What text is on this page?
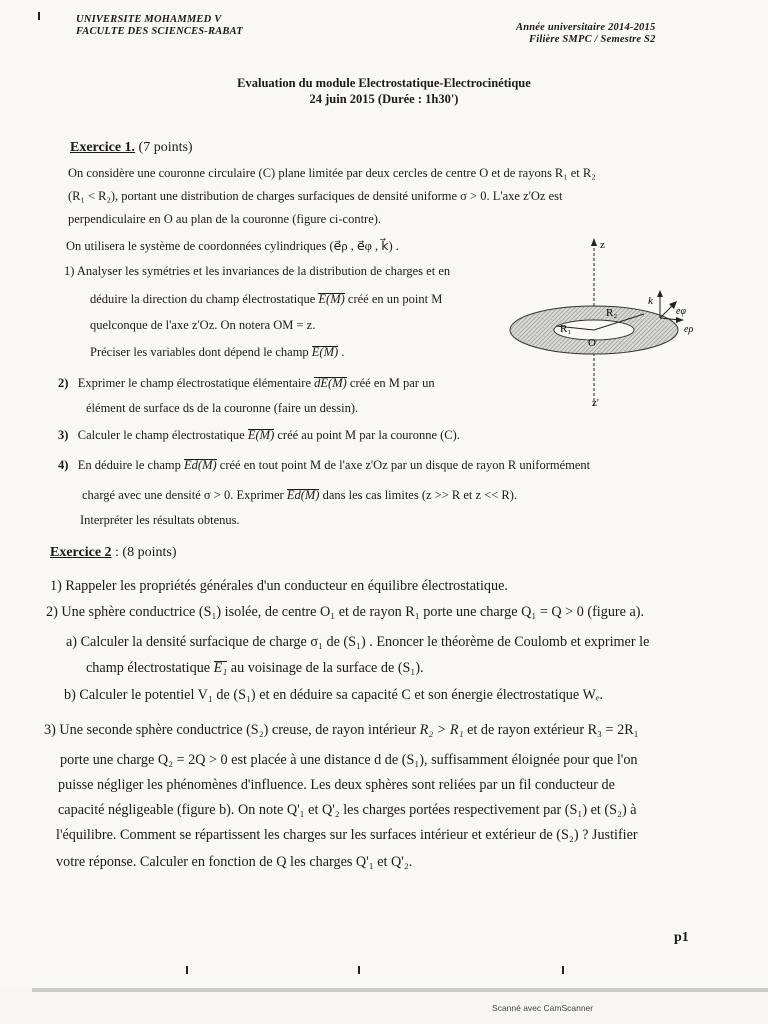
UNIVERSITE MOHAMMED V
FACULTE DES SCIENCES-RABAT	Année universitaire 2014-2015
Filière SMPC / Semestre S2
Evaluation du module Electrostatique-Electrocinétique
24 juin 2015 (Durée : 1h30')
Exercice 1. (7 points)
On considère une couronne circulaire (C) plane limitée par deux cercles de centre O et de rayons R₁ et R₂
(R₁ < R₂), portant une distribution de charges surfaciques de densité uniforme σ > 0. L'axe z'Oz est
perpendiculaire en O au plan de la couronne (figure ci-contre).
On utilisera le système de coordonnées cylindriques (e⃗ρ , e⃗φ , k⃗) .
1) Analyser les symétries et les invariances de la distribution de charges et en
déduire la direction du champ électrostatique E(M) créé en un point M
quelconque de l'axe z'Oz. On notera OM = z.
Préciser les variables dont dépend le champ E(M) .
2) Exprimer le champ électrostatique élémentaire dE(M) créé en M par un
élément de surface ds de la couronne (faire un dessin).
3) Calculer le champ électrostatique E(M) créé au point M par la couronne (C).
4) En déduire le champ Ed(M) créé en tout point M de l'axe z'Oz par un disque de rayon R uniformément
chargé avec une densité σ > 0. Exprimer Ed(M) dans les cas limites (z >> R et z << R).
Interpréter les résultats obtenus.
z
z'
O
R₁
R₂
k
eφ
eρ
Exercice 2 : (8 points)
1) Rappeler les propriétés générales d'un conducteur en équilibre électrostatique.
2) Une sphère conductrice (S₁) isolée, de centre O₁ et de rayon R₁ porte une charge Q₁ = Q > 0 (figure a).
a) Calculer la densité surfacique de charge σ₁ de (S₁) . Enoncer le théorème de Coulomb et exprimer le
champ électrostatique E₁ au voisinage de la surface de (S₁).
b) Calculer le potentiel V₁ de (S₁) et en déduire sa capacité C et son énergie électrostatique Wₑ.
3) Une seconde sphère conductrice (S₂) creuse, de rayon intérieur R₂ > R₁ et de rayon extérieur R₃ = 2R₁
porte une charge Q₂ = 2Q > 0 est placée à une distance d de (S₁), suffisamment éloignée pour que l'on
puisse négliger les phénomènes d'influence. Les deux sphères sont reliées par un fil conducteur de
capacité négligeable (figure b). On note Q'₁ et Q'₂ les charges portées respectivement par (S₁) et (S₂) à
l'équilibre. Comment se répartissent les charges sur les surfaces intérieur et extérieur de (S₂) ? Justifier
votre réponse. Calculer en fonction de Q les charges Q'₁ et Q'₂.
p1
Scanné avec CamScanner
